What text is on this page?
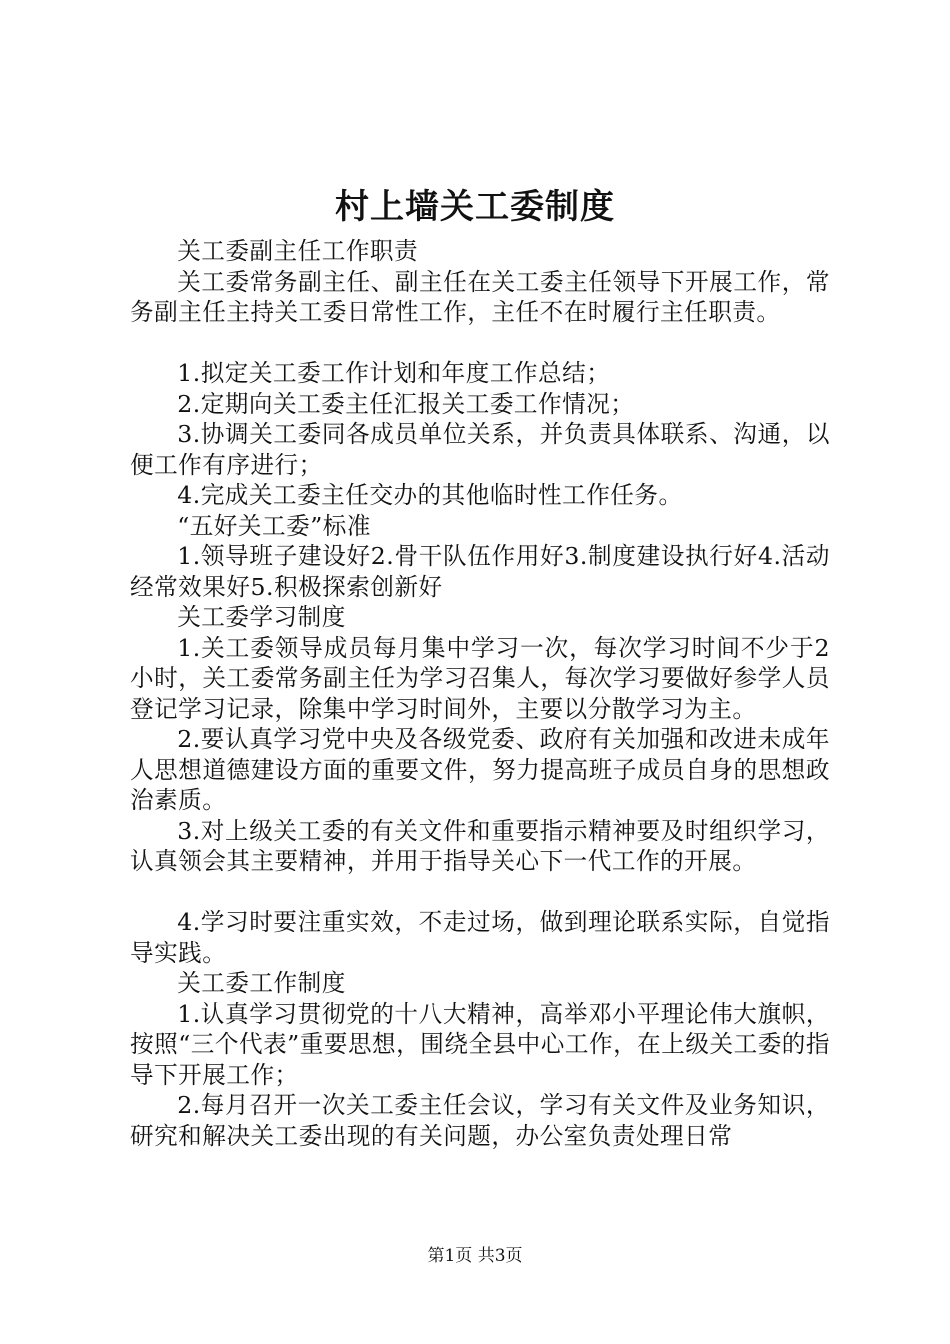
村上墙关工委制度

关工委副主任工作职责

关工委常务副主任、副主任在关工委主任领导下开展工作，常务副主任主持关工委日常性工作，主任不在时履行主任职责。

1.拟定关工委工作计划和年度工作总结；

2.定期向关工委主任汇报关工委工作情况；

3.协调关工委同各成员单位关系，并负责具体联系、沟通，以便工作有序进行；

4.完成关工委主任交办的其他临时性工作任务。

“五好关工委”标准

1.领导班子建设好2.骨干队伍作用好3.制度建设执行好4.活动经常效果好5.积极探索创新好

关工委学习制度

1.关工委领导成员每月集中学习一次，每次学习时间不少于2小时，关工委常务副主任为学习召集人，每次学习要做好参学人员登记学习记录，除集中学习时间外，主要以分散学习为主。

2.要认真学习党中央及各级党委、政府有关加强和改进未成年人思想道德建设方面的重要文件，努力提高班子成员自身的思想政治素质。

3.对上级关工委的有关文件和重要指示精神要及时组织学习，认真领会其主要精神，并用于指导关心下一代工作的开展。

4.学习时要注重实效，不走过场，做到理论联系实际，自觉指导实践。

关工委工作制度

1.认真学习贯彻党的十八大精神，高举邓小平理论伟大旗帜，按照“三个代表”重要思想，围绕全县中心工作，在上级关工委的指导下开展工作；

2.每月召开一次关工委主任会议，学习有关文件及业务知识，研究和解决关工委出现的有关问题，办公室负责处理日常

第1页 共3页
